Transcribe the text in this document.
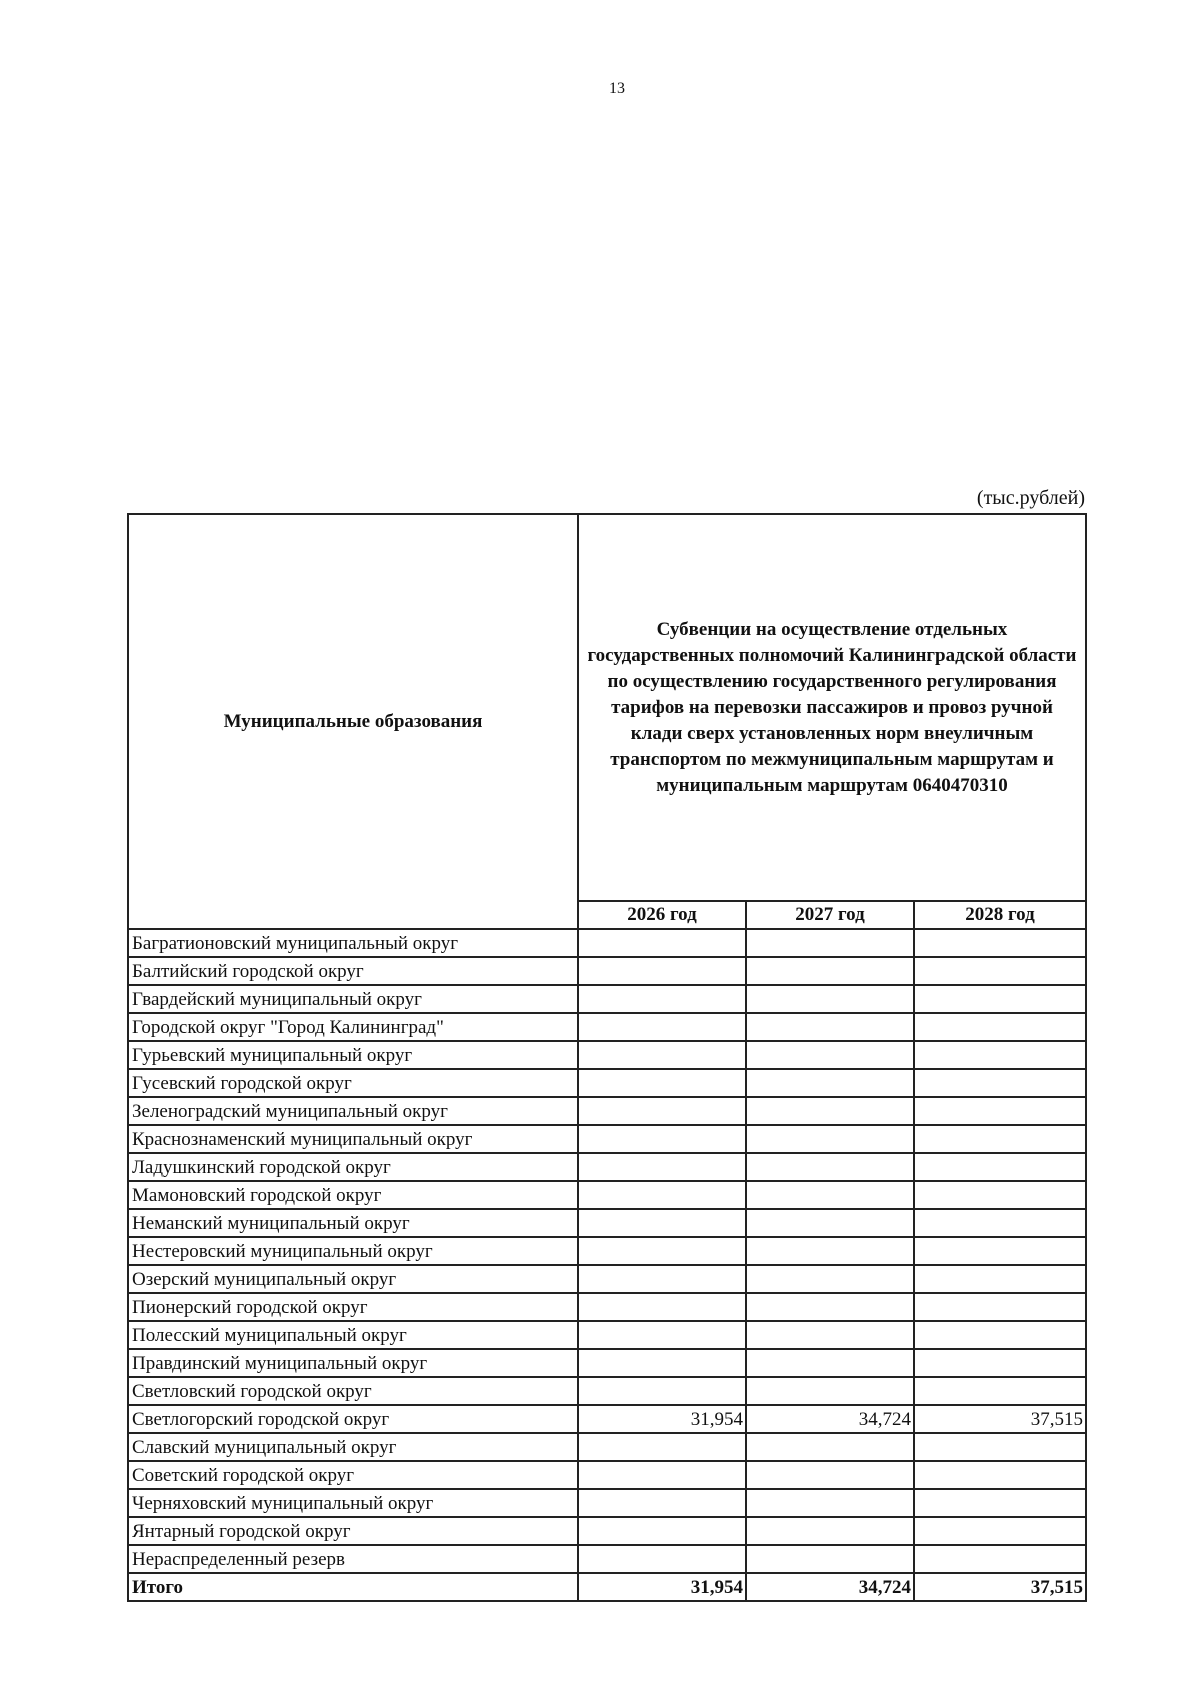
13
(тыс.рублей)
Муниципальные образования	Субвенции на осуществление отдельных государственных полномочий Калининградской области по осуществлению государственного регулирования тарифов на перевозки пассажиров и провоз ручной клади сверх установленных норм внеуличным транспортом по межмуниципальным маршрутам и муниципальным маршрутам 0640470310		
	2026 год	2027 год	2028 год
Багратионовский муниципальный округ			
Балтийский городской округ			
Гвардейский муниципальный округ			
Городской округ "Город Калининград"			
Гурьевский муниципальный округ			
Гусевский городской округ			
Зеленоградский муниципальный округ			
Краснознаменский муниципальный округ			
Ладушкинский городской округ			
Мамоновский городской округ			
Неманский муниципальный округ			
Нестеровский муниципальный округ			
Озерский муниципальный округ			
Пионерский городской округ			
Полесский муниципальный округ			
Правдинский муниципальный округ			
Светловский городской округ			
Светлогорский городской округ	31,954	34,724	37,515
Славский муниципальный округ			
Советский городской округ			
Черняховский муниципальный округ			
Янтарный городской округ			
Нераспределенный резерв			
Итого	31,954	34,724	37,515
